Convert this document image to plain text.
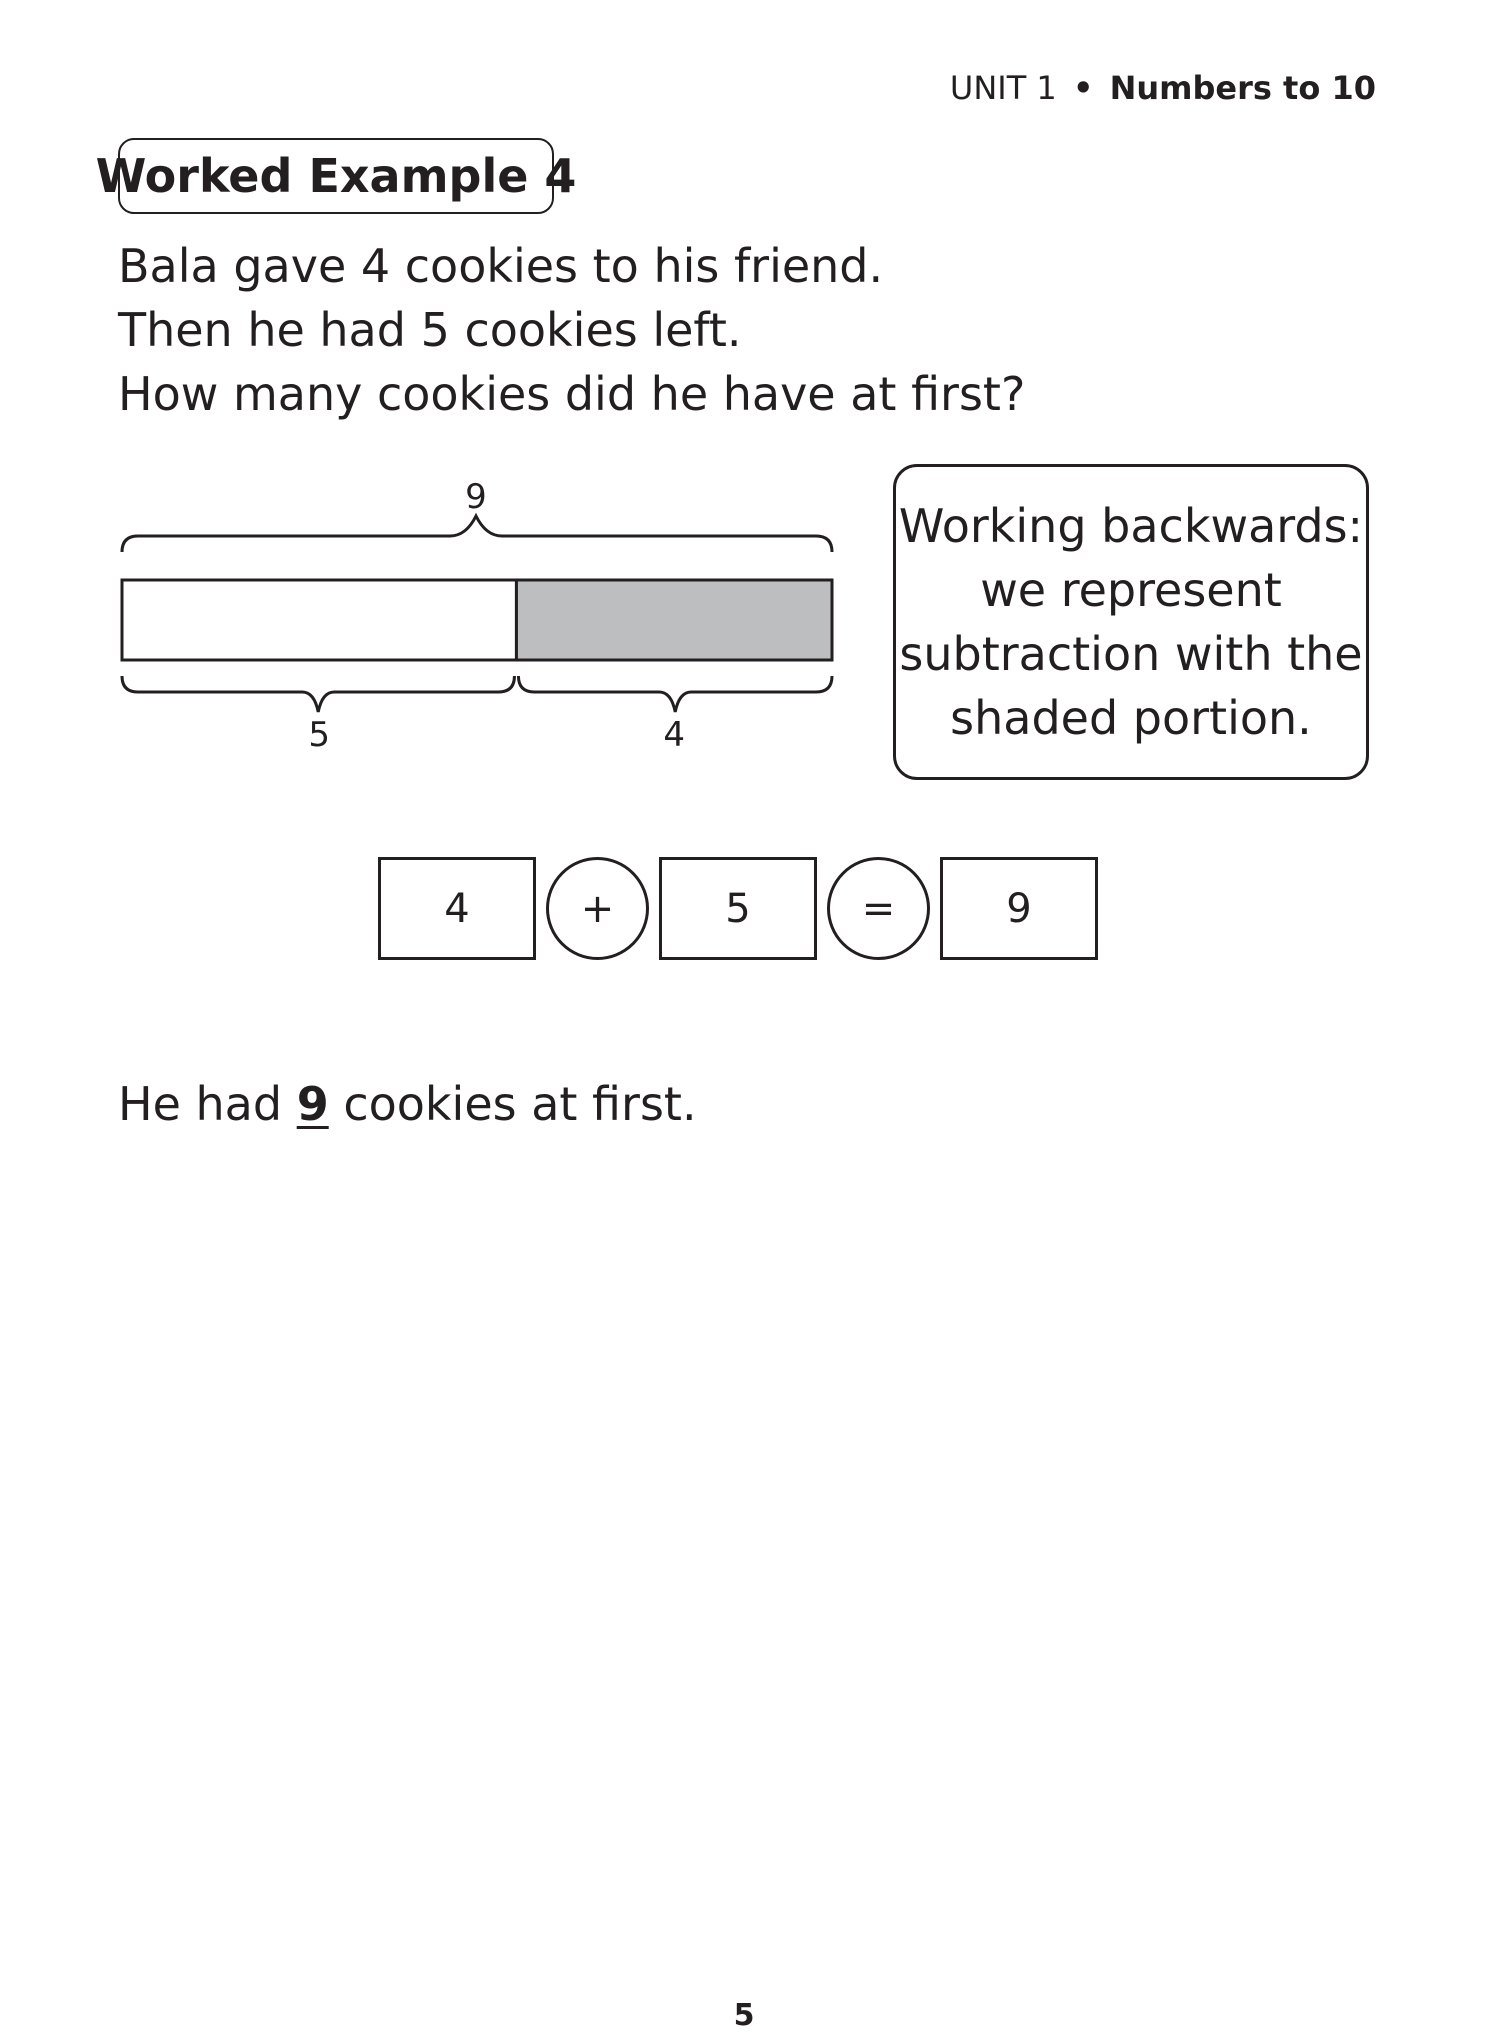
UNIT 1 • Numbers to 10
Worked Example 4
Bala gave 4 cookies to his friend.
Then he had 5 cookies left.
How many cookies did he have at first?
9
5	4
Working backwards:
we represent
subtraction with the
shaded portion.
4	+	5	=	9
He had 9 cookies at first.
5
